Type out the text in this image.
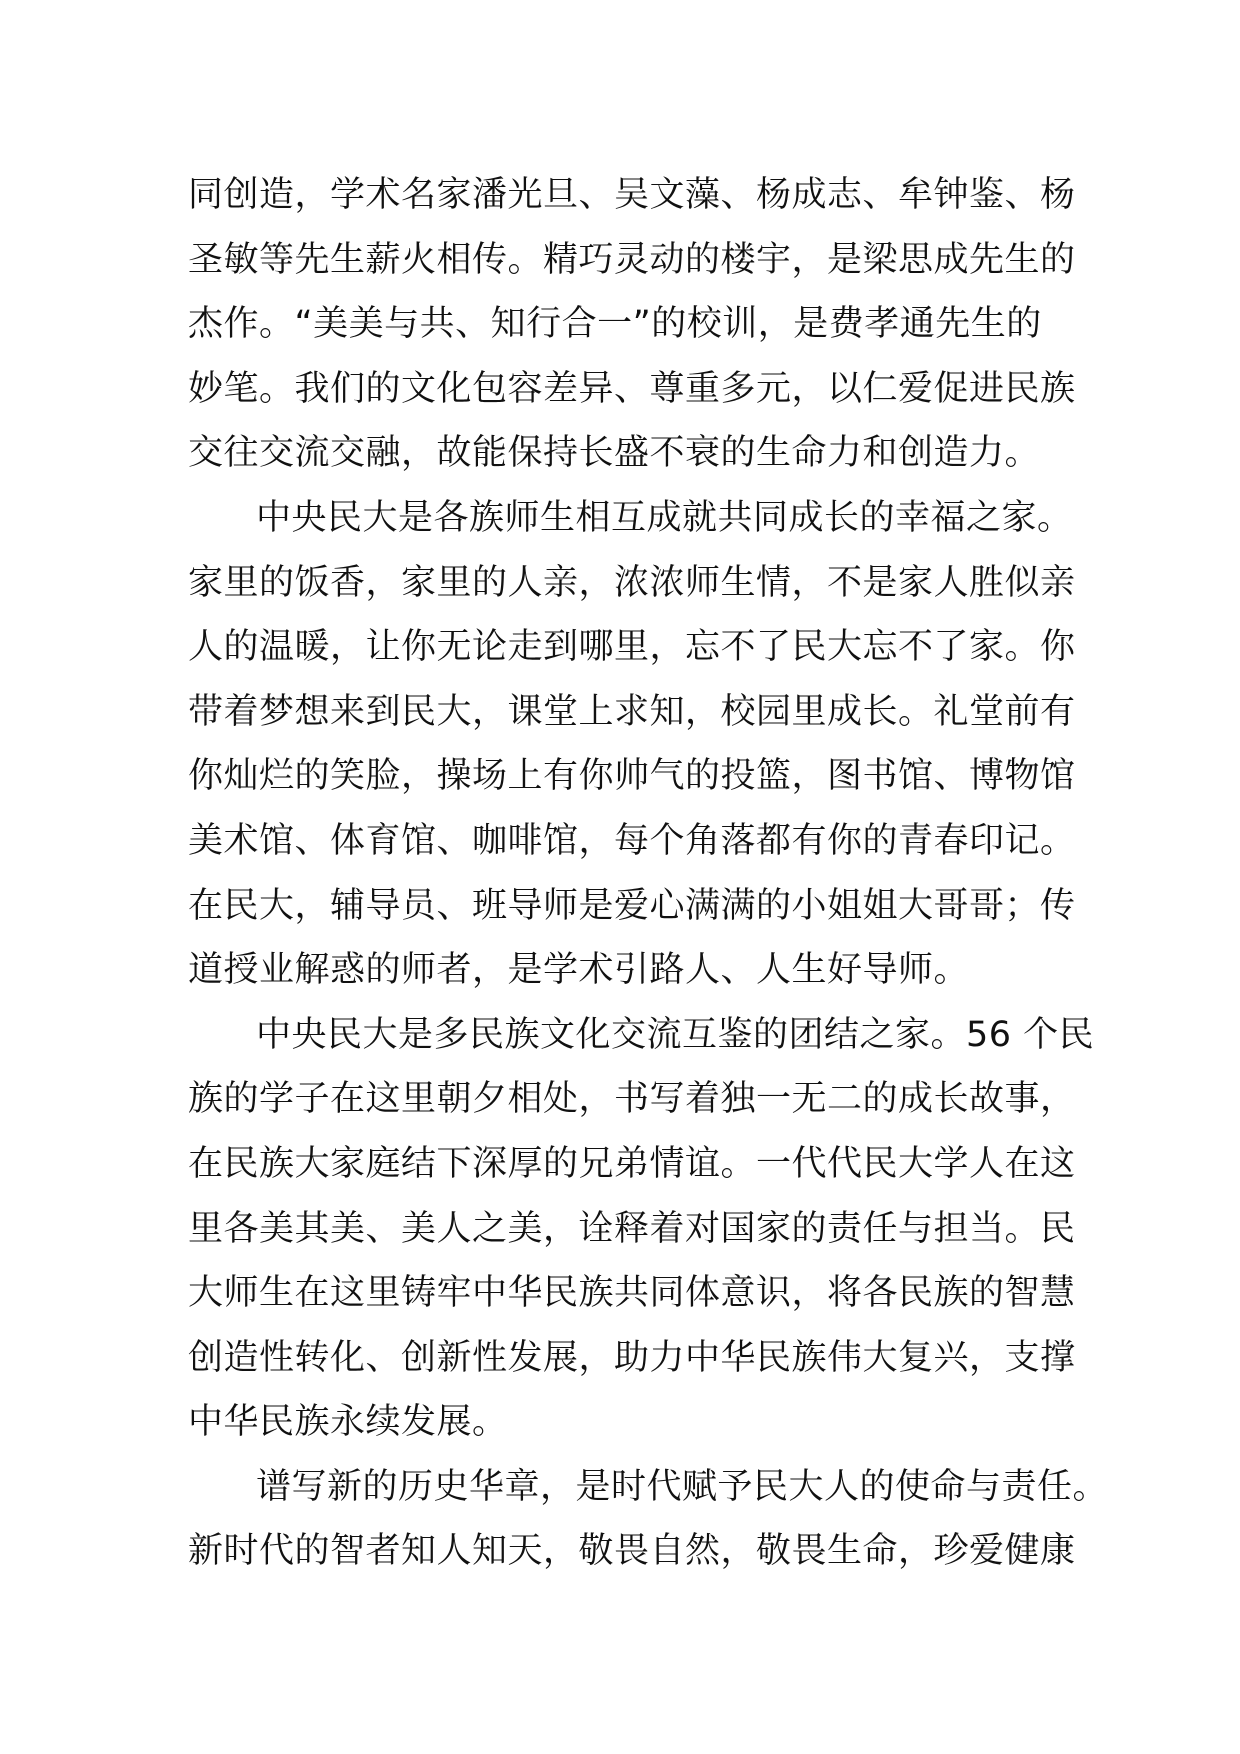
同创造，学术名家潘光旦、吴文藻、杨成志、牟钟鉴、杨
圣敏等先生薪火相传。精巧灵动的楼宇，是梁思成先生的
杰作。“美美与共、知行合一”的校训，是费孝通先生的
妙笔。我们的文化包容差异、尊重多元，以仁爱促进民族
交往交流交融，故能保持长盛不衰的生命力和创造力。
中央民大是各族师生相互成就共同成长的幸福之家。
家里的饭香，家里的人亲，浓浓师生情，不是家人胜似亲
人的温暖，让你无论走到哪里，忘不了民大忘不了家。你
带着梦想来到民大，课堂上求知，校园里成长。礼堂前有
你灿烂的笑脸，操场上有你帅气的投篮，图书馆、博物馆
美术馆、体育馆、咖啡馆，每个角落都有你的青春印记。
在民大，辅导员、班导师是爱心满满的小姐姐大哥哥；传
道授业解惑的师者，是学术引路人、人生好导师。
中央民大是多民族文化交流互鉴的团结之家。56 个民
族的学子在这里朝夕相处，书写着独一无二的成长故事，
在民族大家庭结下深厚的兄弟情谊。一代代民大学人在这
里各美其美、美人之美，诠释着对国家的责任与担当。民
大师生在这里铸牢中华民族共同体意识，将各民族的智慧
创造性转化、创新性发展，助力中华民族伟大复兴，支撑
中华民族永续发展。
谱写新的历史华章，是时代赋予民大人的使命与责任。
新时代的智者知人知天，敬畏自然，敬畏生命，珍爱健康
